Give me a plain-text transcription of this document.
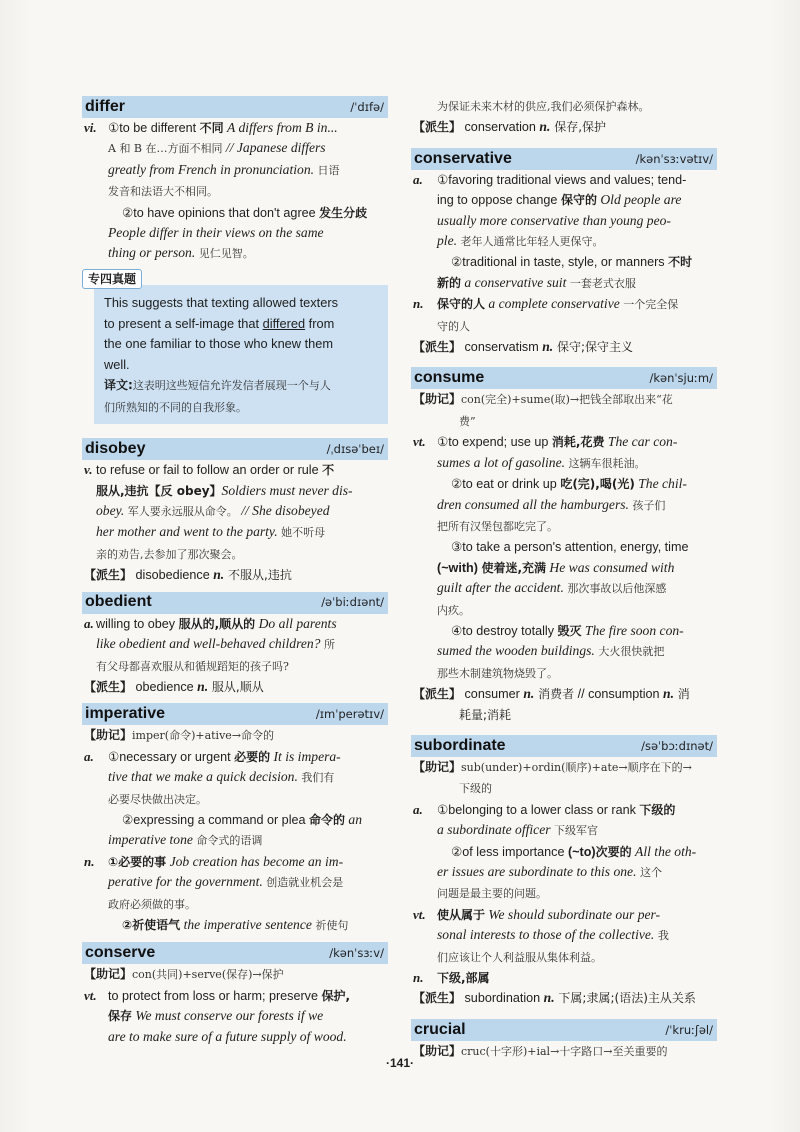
differ	/ˈdɪfə/
vi. ①to be different 不同 A differs from B in...
A 和 B 在…方面不相同 // Japanese differs
greatly from French in pronunciation. 日语
发音和法语大不相同。
②to have opinions that don't agree 发生分歧
People differ in their views on the same
thing or person. 见仁见智。
专四真题
This suggests that texting allowed texters
to present a self-image that differed from
the one familiar to those who knew them
well.
译文:这表明这些短信允许发信者展现一个与人
们所熟知的不同的自我形象。
disobey	/ˌdɪsəˈbeɪ/
v. to refuse or fail to follow an order or rule 不
服从,违抗【反 obey】Soldiers must never dis-
obey. 军人要永远服从命令。 // She disobeyed
her mother and went to the party. 她不听母
亲的劝告,去参加了那次聚会。
【派生】 disobedience n. 不服从,违抗
obedient	/əˈbiːdɪənt/
a. willing to obey 服从的,顺从的 Do all parents
like obedient and well-behaved children? 所
有父母都喜欢服从和循规蹈矩的孩子吗?
【派生】 obedience n. 服从,顺从
imperative	/ɪmˈperətɪv/
【助记】imper(命令)+ative→命令的
a. ①necessary or urgent 必要的 It is impera-
tive that we make a quick decision. 我们有
必要尽快做出决定。
②expressing a command or plea 命令的 an
imperative tone 命令式的语调
n. ①必要的事 Job creation has become an im-
perative for the government. 创造就业机会是
政府必须做的事。
②祈使语气 the imperative sentence 祈使句
conserve	/kənˈsɜːv/
【助记】con(共同)+serve(保存)→保护
vt. to protect from loss or harm; preserve 保护,
保存 We must conserve our forests if we
are to make sure of a future supply of wood.
为保证未来木材的供应,我们必须保护森林。
【派生】 conservation n. 保存,保护
conservative	/kənˈsɜːvətɪv/
a. ①favoring traditional views and values; tend-
ing to oppose change 保守的 Old people are
usually more conservative than young peo-
ple. 老年人通常比年轻人更保守。
②traditional in taste, style, or manners 不时
新的 a conservative suit 一套老式衣服
n. 保守的人 a complete conservative 一个完全保
守的人
【派生】 conservatism n. 保守;保守主义
consume	/kənˈsjuːm/
【助记】con(完全)+sume(取)→把钱全部取出来“花
费”
vt. ①to expend; use up 消耗,花费 The car con-
sumes a lot of gasoline. 这辆车很耗油。
②to eat or drink up 吃(完),喝(光) The chil-
dren consumed all the hamburgers. 孩子们
把所有汉堡包都吃完了。
③to take a person's attention, energy, time
(~with) 使着迷,充满 He was consumed with
guilt after the accident. 那次事故以后他深感
内疚。
④to destroy totally 毁灭 The fire soon con-
sumed the wooden buildings. 大火很快就把
那些木制建筑物烧毁了。
【派生】 consumer n. 消费者 // consumption n. 消
耗量;消耗
subordinate	/səˈbɔːdɪnət/
【助记】sub(under)+ordin(顺序)+ate→顺序在下的→
下级的
a. ①belonging to a lower class or rank 下级的
a subordinate officer 下级军官
②of less importance (~to)次要的 All the oth-
er issues are subordinate to this one. 这个
问题是最主要的问题。
vt. 使从属于 We should subordinate our per-
sonal interests to those of the collective. 我
们应该让个人利益服从集体利益。
n. 下级,部属
【派生】 subordination n. 下属;隶属;(语法)主从关系
crucial	/ˈkruːʃəl/
【助记】cruc(十字形)+ial→十字路口→至关重要的
·141·
